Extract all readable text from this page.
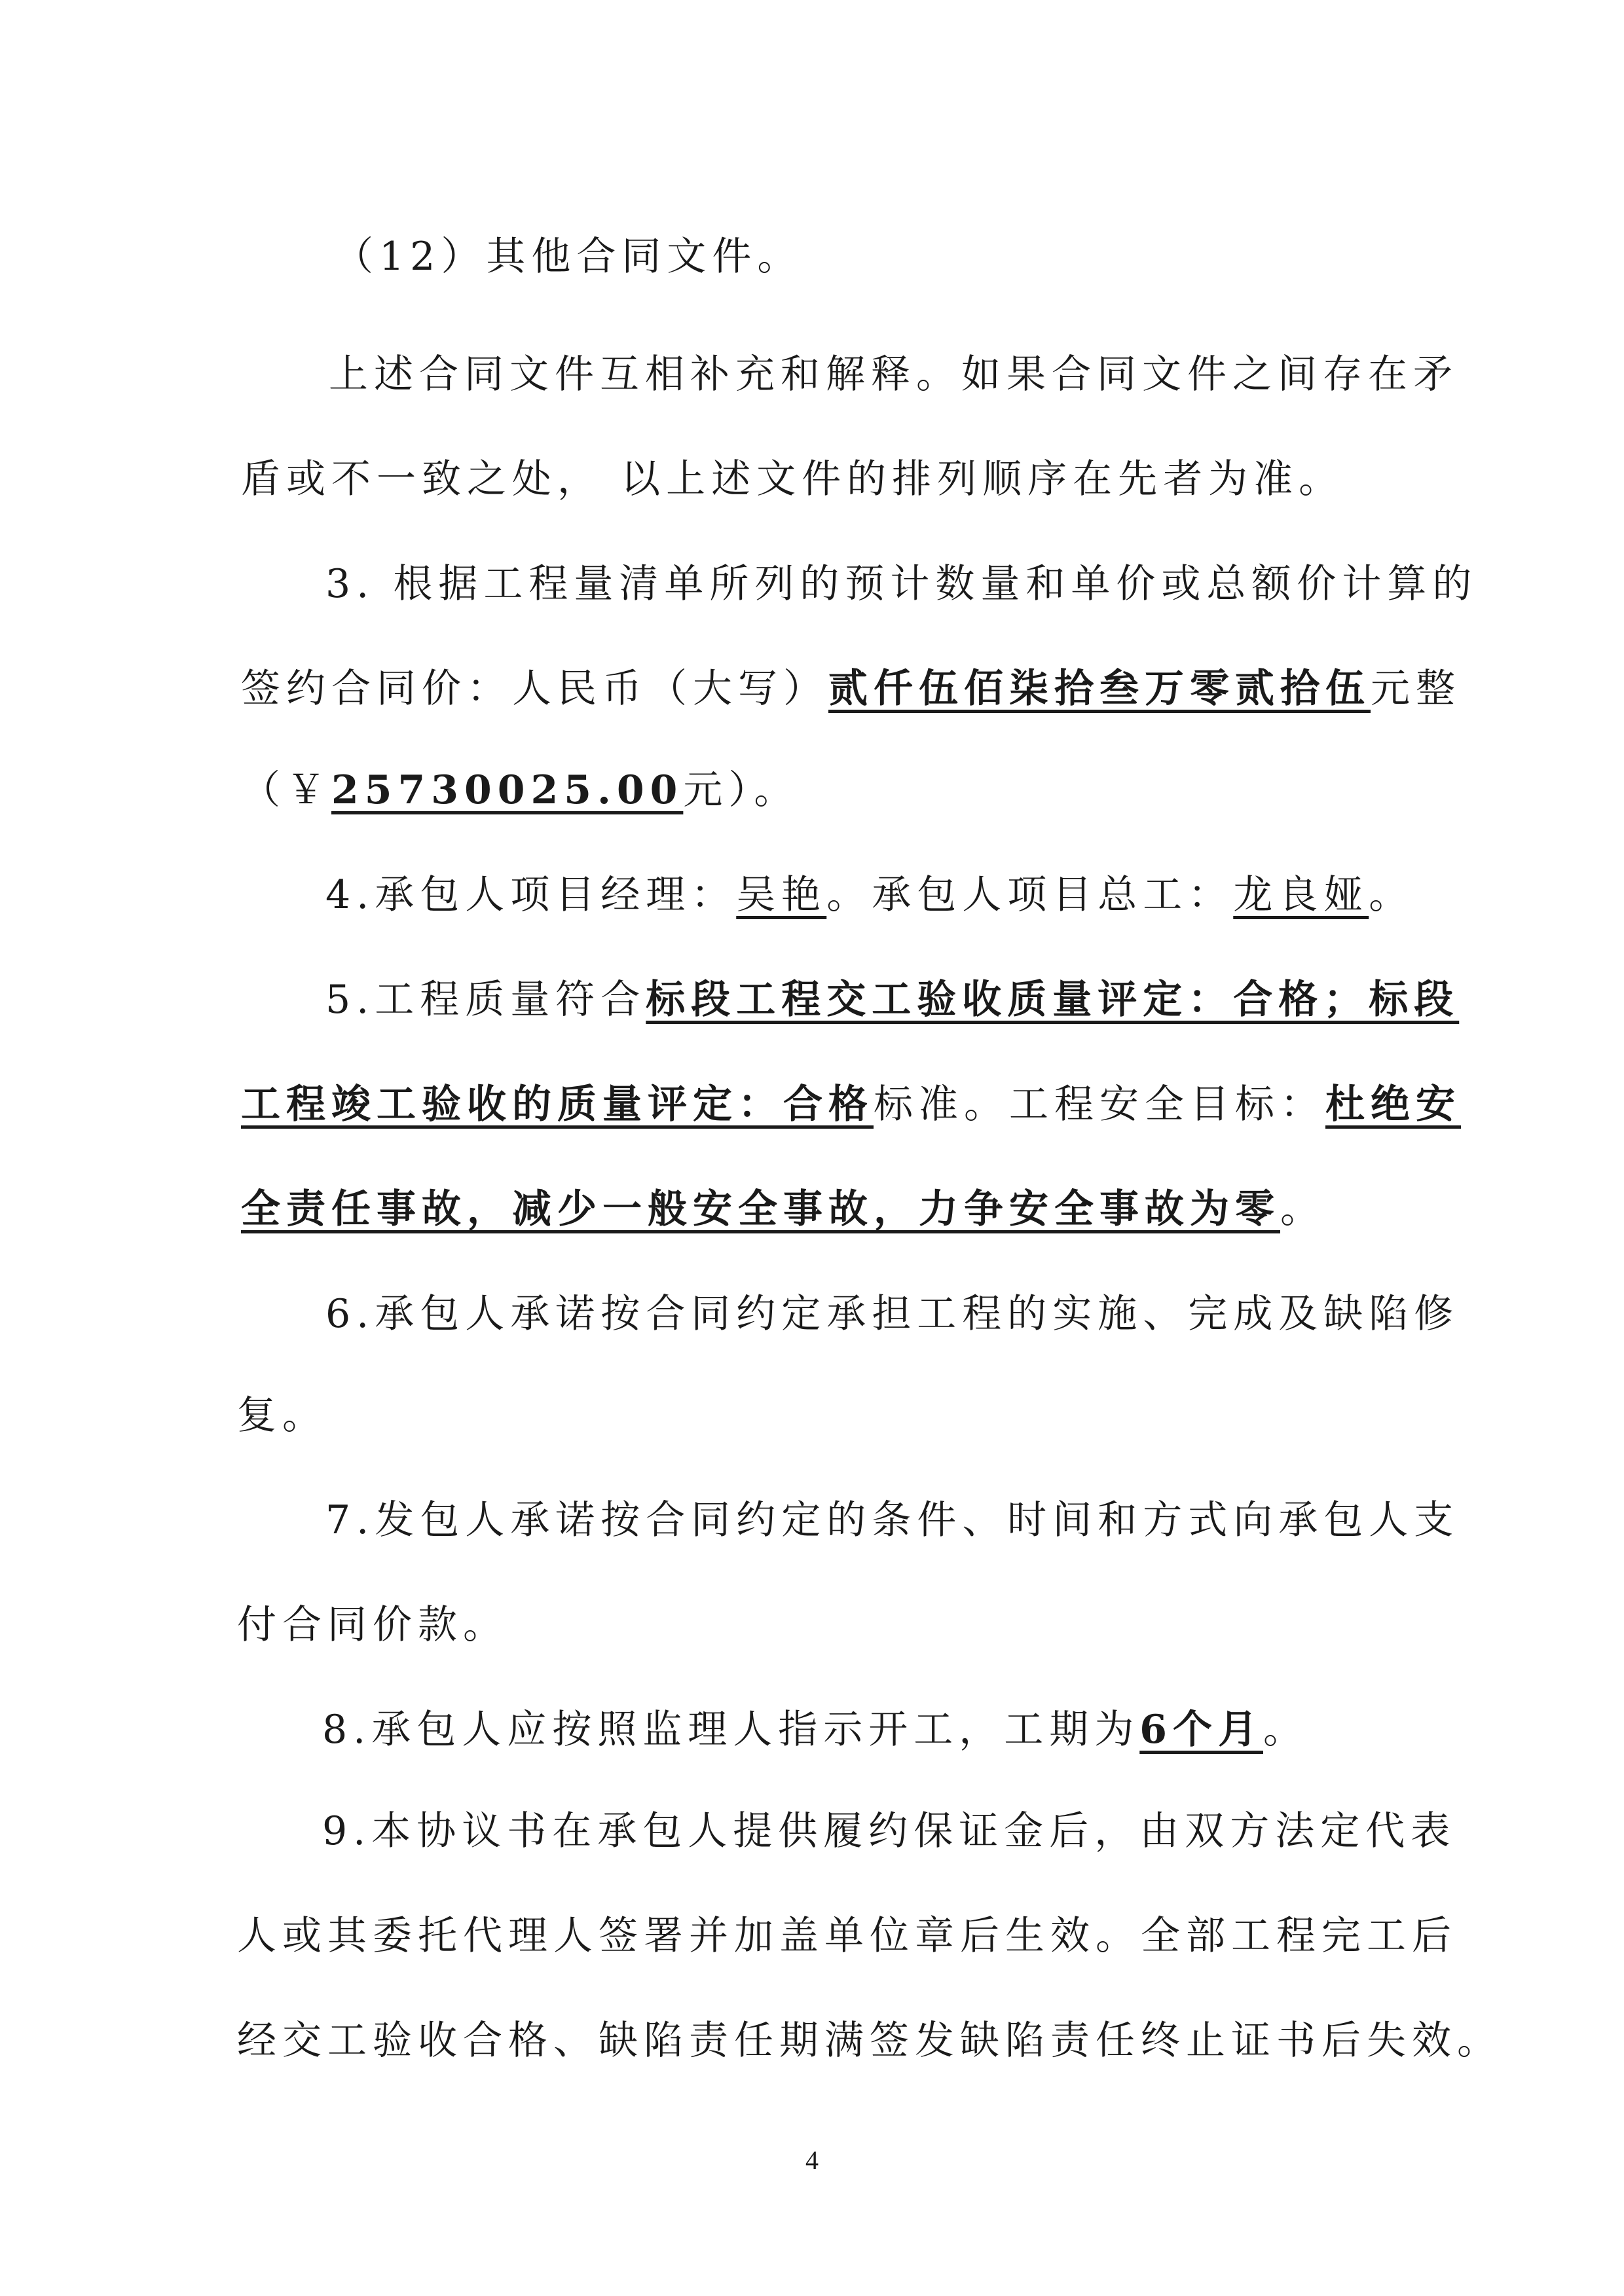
（12）其他合同文件。
上述合同文件互相补充和解释。如果合同文件之间存在矛
盾或不一致之处， 以上述文件的排列顺序在先者为准。
3. 根据工程量清单所列的预计数量和单价或总额价计算的
签约合同价：人民币（大写）贰仟伍佰柒拾叁万零贰拾伍元整
（￥25730025.00元）。
4.承包人项目经理：吴艳。承包人项目总工：龙良娅。
5.工程质量符合标段工程交工验收质量评定：合格；标段
工程竣工验收的质量评定：合格标准。工程安全目标：杜绝安
全责任事故，减少一般安全事故，力争安全事故为零。
6.承包人承诺按合同约定承担工程的实施、完成及缺陷修
复。
7.发包人承诺按合同约定的条件、时间和方式向承包人支
付合同价款。
8.承包人应按照监理人指示开工，工期为6个月。
9.本协议书在承包人提供履约保证金后，由双方法定代表
人或其委托代理人签署并加盖单位章后生效。全部工程完工后
经交工验收合格、缺陷责任期满签发缺陷责任终止证书后失效。
4
